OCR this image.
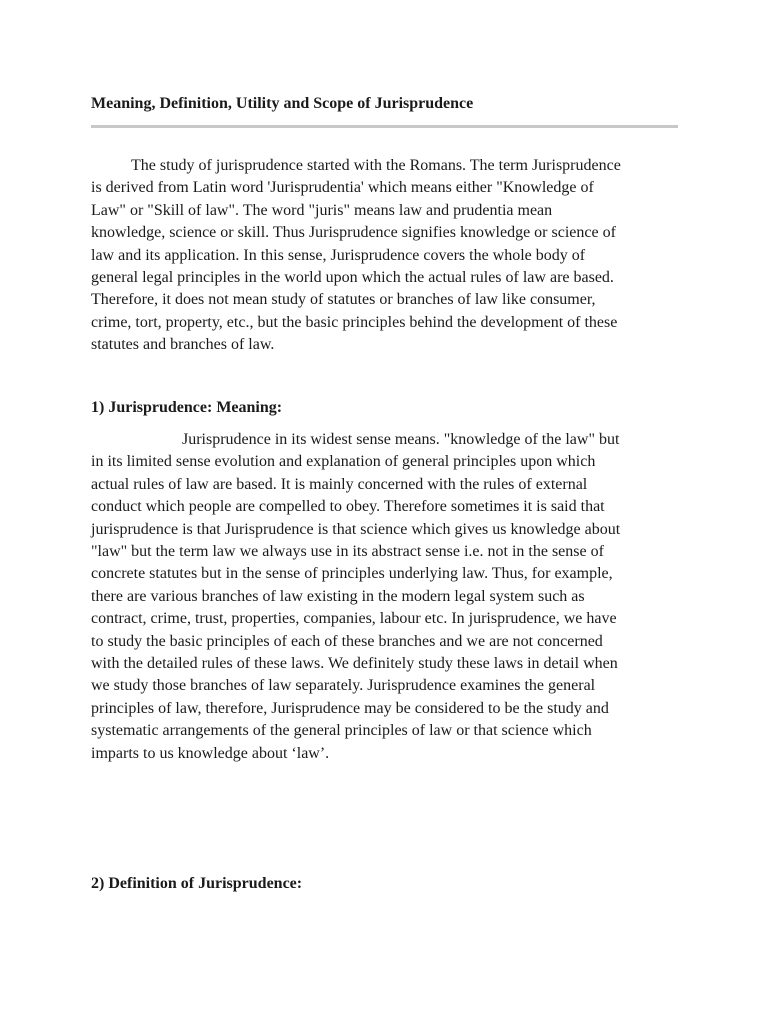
Meaning, Definition, Utility and Scope of Jurisprudence

The study of jurisprudence started with the Romans. The term Jurisprudence
is derived from Latin word 'Jurisprudentia' which means either "Knowledge of
Law" or "Skill of law". The word "juris" means law and prudentia mean
knowledge, science or skill. Thus Jurisprudence signifies knowledge or science of
law and its application. In this sense, Jurisprudence covers the whole body of
general legal principles in the world upon which the actual rules of law are based.
Therefore, it does not mean study of statutes or branches of law like consumer,
crime, tort, property, etc., but the basic principles behind the development of these
statutes and branches of law.

1) Jurisprudence: Meaning:

Jurisprudence in its widest sense means. "knowledge of the law" but
in its limited sense evolution and explanation of general principles upon which
actual rules of law are based. It is mainly concerned with the rules of external
conduct which people are compelled to obey. Therefore sometimes it is said that
jurisprudence is that Jurisprudence is that science which gives us knowledge about
"law" but the term law we always use in its abstract sense i.e. not in the sense of
concrete statutes but in the sense of principles underlying law. Thus, for example,
there are various branches of law existing in the modern legal system such as
contract, crime, trust, properties, companies, labour etc. In jurisprudence, we have
to study the basic principles of each of these branches and we are not concerned
with the detailed rules of these laws. We definitely study these laws in detail when
we study those branches of law separately. Jurisprudence examines the general
principles of law, therefore, Jurisprudence may be considered to be the study and
systematic arrangements of the general principles of law or that science which
imparts to us knowledge about ‘law’.

2) Definition of Jurisprudence:
